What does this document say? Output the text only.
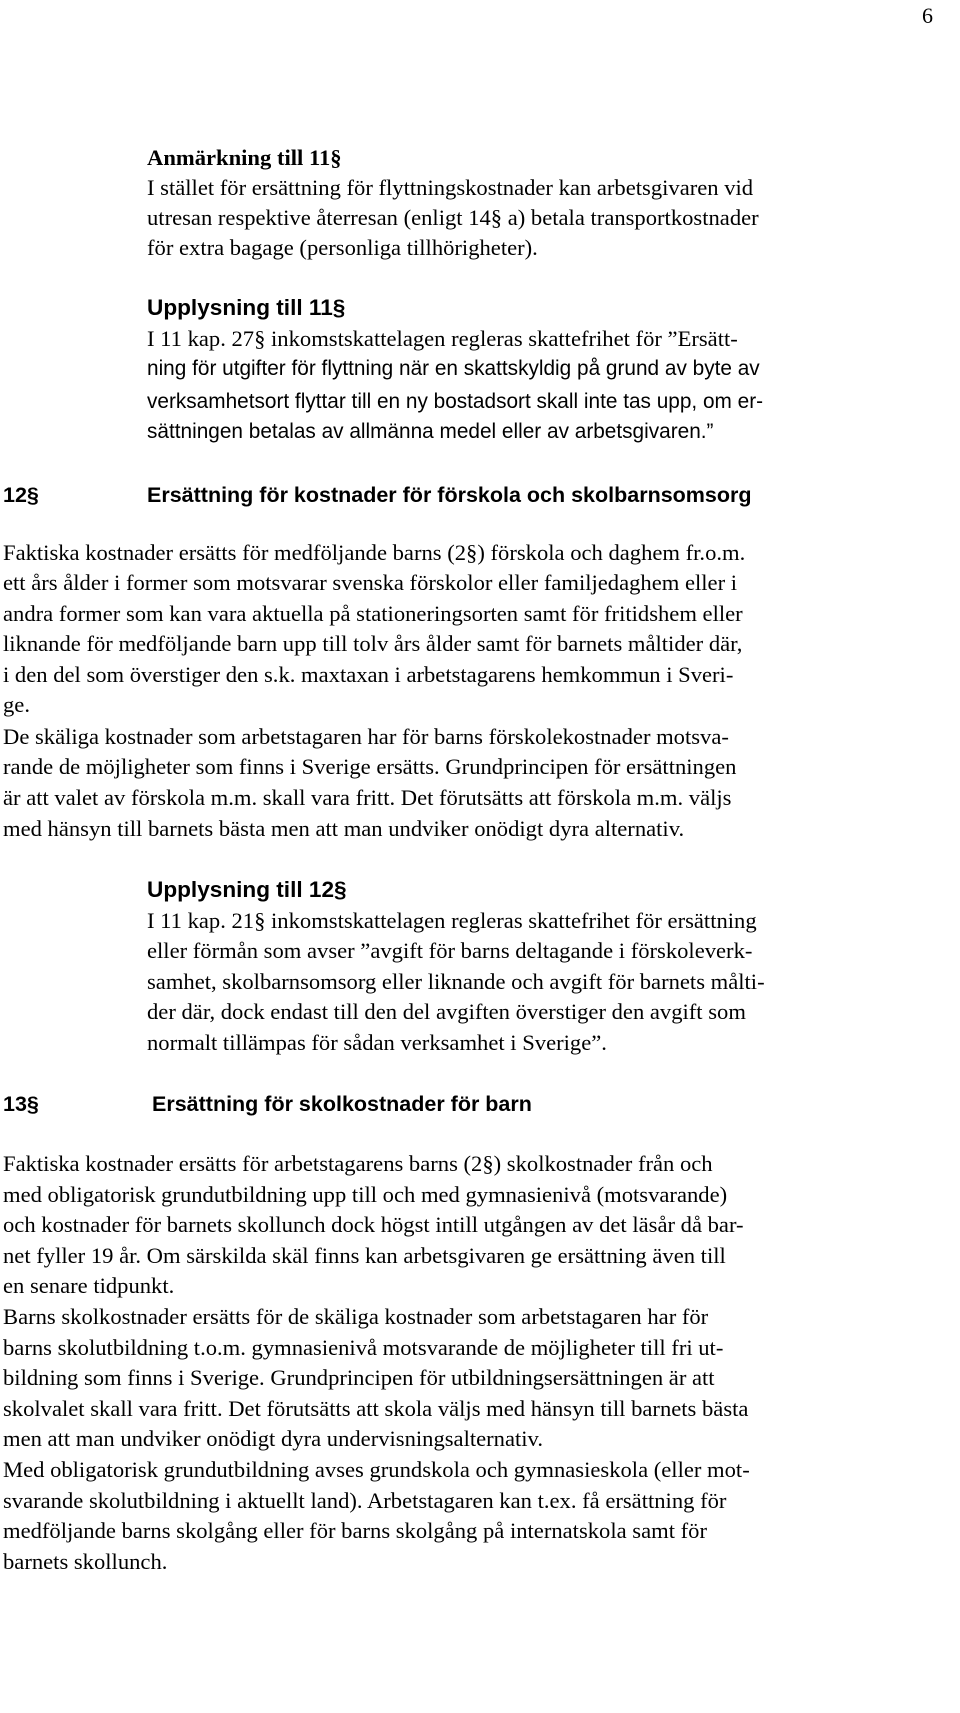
6
Anmärkning till 11§
I stället för ersättning för flyttningskostnader kan arbetsgivaren vid
utresan respektive återresan (enligt 14§ a) betala transportkostnader
för extra bagage (personliga tillhörigheter).
Upplysning till 11§
I 11 kap. 27§ inkomstskattelagen regleras skattefrihet för ”Ersätt-
ning för utgifter för flyttning när en skattskyldig på grund av byte av
verksamhetsort flyttar till en ny bostadsort skall inte tas upp, om er-
sättningen betalas av allmänna medel eller av arbetsgivaren.”
12§	Ersättning för kostnader för förskola och skolbarnsomsorg
Faktiska kostnader ersätts för medföljande barns (2§) förskola och daghem fr.o.m.
ett års ålder i former som motsvarar svenska förskolor eller familjedaghem eller i
andra former som kan vara aktuella på stationeringsorten samt för fritidshem eller
liknande för medföljande barn upp till tolv års ålder samt för barnets måltider där,
i den del som överstiger den s.k. maxtaxan i arbetstagarens hemkommun i Sveri-
ge.
De skäliga kostnader som arbetstagaren har för barns förskolekostnader motsva-
rande de möjligheter som finns i Sverige ersätts. Grundprincipen för ersättningen
är att valet av förskola m.m. skall vara fritt. Det förutsätts att förskola m.m. väljs
med hänsyn till barnets bästa men att man undviker onödigt dyra alternativ.
Upplysning till 12§
I 11 kap. 21§ inkomstskattelagen regleras skattefrihet för ersättning
eller förmån som avser ”avgift för barns deltagande i förskoleverk-
samhet, skolbarnsomsorg eller liknande och avgift för barnets målti-
der där, dock endast till den del avgiften överstiger den avgift som
normalt tillämpas för sådan verksamhet i Sverige”.
13§	Ersättning för skolkostnader för barn
Faktiska kostnader ersätts för arbetstagarens barns (2§) skolkostnader från och
med obligatorisk grundutbildning upp till och med gymnasienivå (motsvarande)
och kostnader för barnets skollunch dock högst intill utgången av det läsår då bar-
net fyller 19 år. Om särskilda skäl finns kan arbetsgivaren ge ersättning även till
en senare tidpunkt.
Barns skolkostnader ersätts för de skäliga kostnader som arbetstagaren har för
barns skolutbildning t.o.m. gymnasienivå motsvarande de möjligheter till fri ut-
bildning som finns i Sverige. Grundprincipen för utbildningsersättningen är att
skolvalet skall vara fritt. Det förutsätts att skola väljs med hänsyn till barnets bästa
men att man undviker onödigt dyra undervisningsalternativ.
Med obligatorisk grundutbildning avses grundskola och gymnasieskola (eller mot-
svarande skolutbildning i aktuellt land). Arbetstagaren kan t.ex. få ersättning för
medföljande barns skolgång eller för barns skolgång på internatskola samt för
barnets skollunch.
